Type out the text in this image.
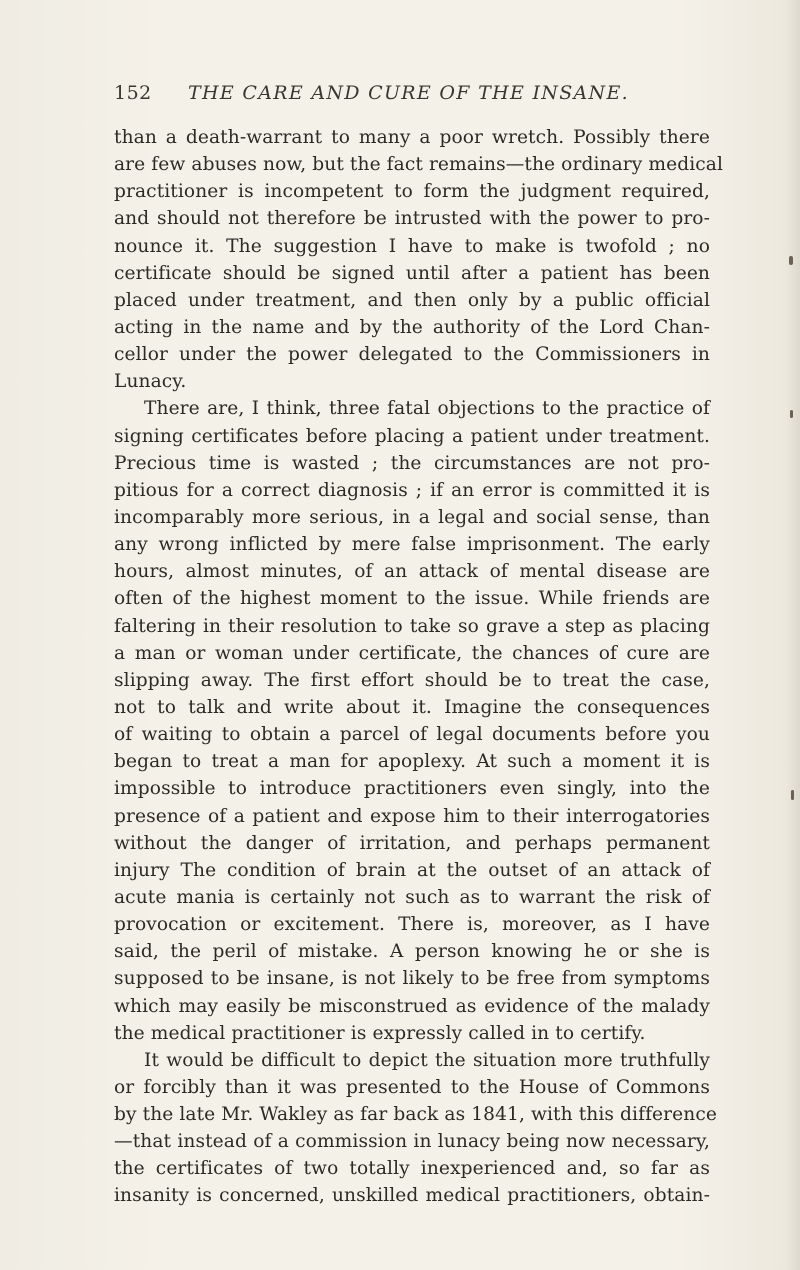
152 THE CARE AND CURE OF THE INSANE.
than a death-warrant to many a poor wretch. Possibly there
are few abuses now, but the fact remains—the ordinary medical
practitioner is incompetent to form the judgment required,
and should not therefore be intrusted with the power to pro-
nounce it. The suggestion I have to make is twofold ; no
certificate should be signed until after a patient has been
placed under treatment, and then only by a public official
acting in the name and by the authority of the Lord Chan-
cellor under the power delegated to the Commissioners in
Lunacy.
There are, I think, three fatal objections to the practice of
signing certificates before placing a patient under treatment.
Precious time is wasted ; the circumstances are not pro-
pitious for a correct diagnosis ; if an error is committed it is
incomparably more serious, in a legal and social sense, than
any wrong inflicted by mere false imprisonment. The early
hours, almost minutes, of an attack of mental disease are
often of the highest moment to the issue. While friends are
faltering in their resolution to take so grave a step as placing
a man or woman under certificate, the chances of cure are
slipping away. The first effort should be to treat the case,
not to talk and write about it. Imagine the consequences
of waiting to obtain a parcel of legal documents before you
began to treat a man for apoplexy. At such a moment it is
impossible to introduce practitioners even singly, into the
presence of a patient and expose him to their interrogatories
without the danger of irritation, and perhaps permanent
injury The condition of brain at the outset of an attack of
acute mania is certainly not such as to warrant the risk of
provocation or excitement. There is, moreover, as I have
said, the peril of mistake. A person knowing he or she is
supposed to be insane, is not likely to be free from symptoms
which may easily be misconstrued as evidence of the malady
the medical practitioner is expressly called in to certify.
It would be difficult to depict the situation more truthfully
or forcibly than it was presented to the House of Commons
by the late Mr. Wakley as far back as 1841, with this difference
—that instead of a commission in lunacy being now necessary,
the certificates of two totally inexperienced and, so far as
insanity is concerned, unskilled medical practitioners, obtain-
